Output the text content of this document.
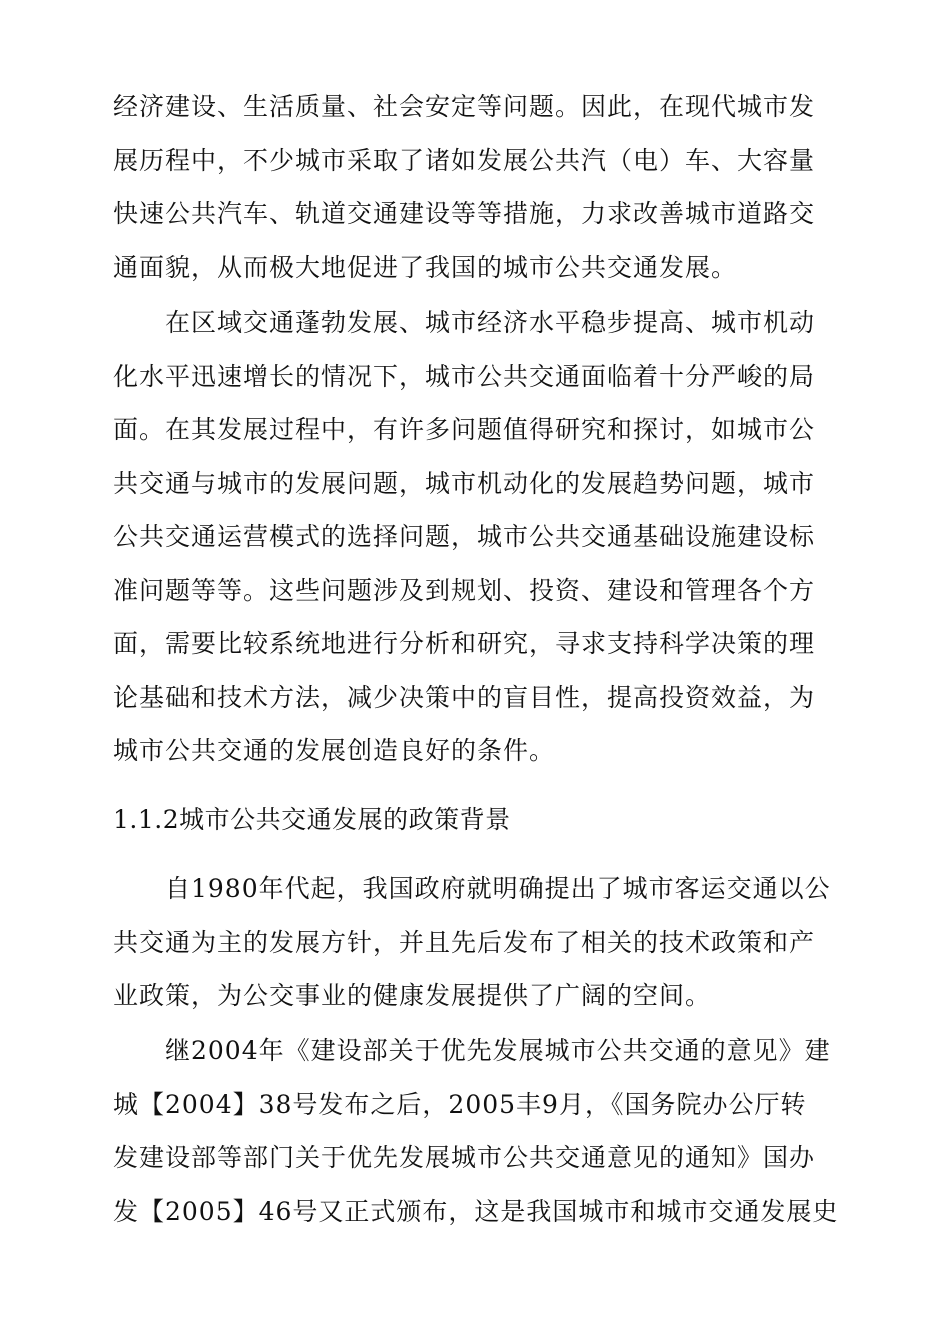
经济建设、生活质量、社会安定等问题。因此，在现代城市发
展历程中，不少城市采取了诸如发展公共汽（电）车、大容量
快速公共汽车、轨道交通建设等等措施，力求改善城市道路交
通面貌，从而极大地促进了我国的城市公共交通发展。
在区域交通蓬勃发展、城市经济水平稳步提高、城市机动
化水平迅速增长的情况下，城市公共交通面临着十分严峻的局
面。在其发展过程中，有许多问题值得研究和探讨，如城市公
共交通与城市的发展问题，城市机动化的发展趋势问题，城市
公共交通运营模式的选择问题，城市公共交通基础设施建设标
准问题等等。这些问题涉及到规划、投资、建设和管理各个方
面，需要比较系统地进行分析和研究，寻求支持科学决策的理
论基础和技术方法，减少决策中的盲目性，提高投资效益，为
城市公共交通的发展创造良好的条件。
1.1.2城市公共交通发展的政策背景
自1980年代起，我国政府就明确提出了城市客运交通以公
共交通为主的发展方针，并且先后发布了相关的技术政策和产
业政策，为公交事业的健康发展提供了广阔的空间。
继2004年《建设部关于优先发展城市公共交通的意见》建
城【2004】38号发布之后，2005丰9月，《国务院办公厅转
发建设部等部门关于优先发展城市公共交通意见的通知》国办
发【2005】46号又正式颁布，这是我国城市和城市交通发展史
